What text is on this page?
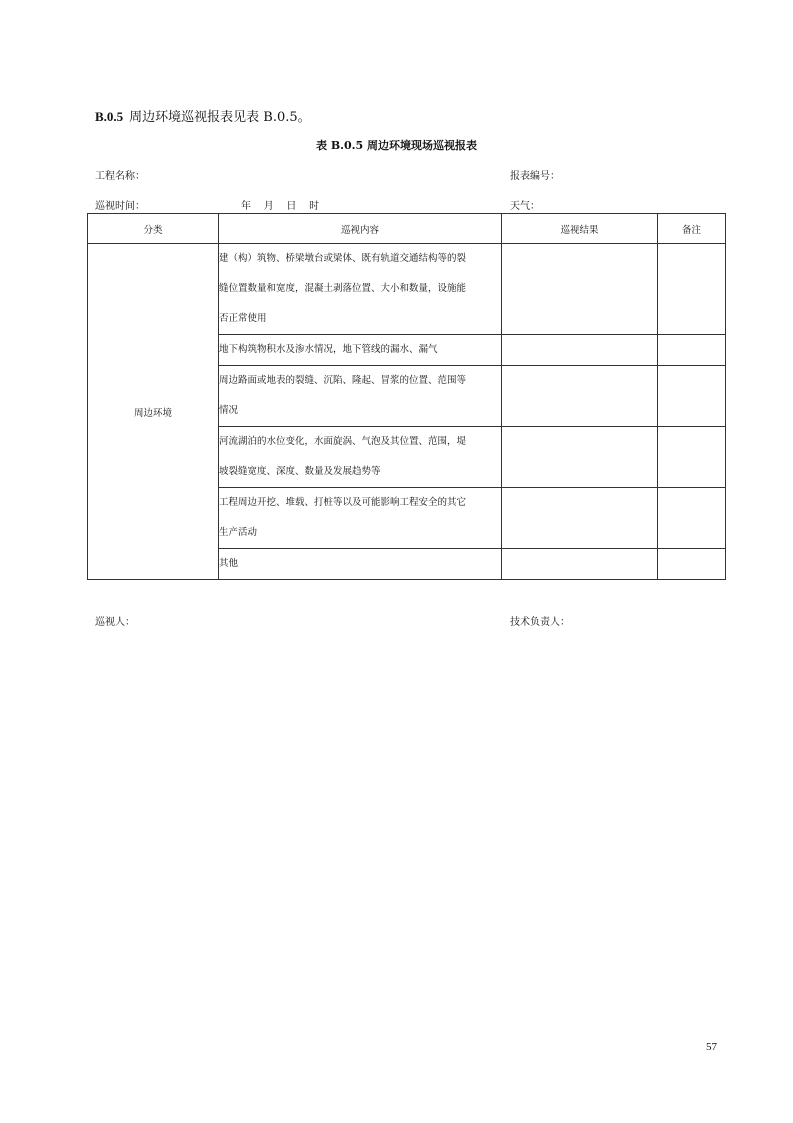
B.0.5 周边环境巡视报表见表 B.0.5。
表 B.0.5 周边环境现场巡视报表
工程名称：	报表编号：
巡视时间：	年    月    日    时	天气：
分类	巡视内容	巡视结果	备注
周边环境	建（构）筑物、桥梁墩台或梁体、既有轨道交通结构等的裂
缝位置数量和宽度，混凝土剥落位置、大小和数量，设施能
否正常使用		

	地下构筑物积水及渗水情况，地下管线的漏水、漏气		

	周边路面或地表的裂缝、沉陷、隆起、冒浆的位置、范围等
情况		

	河流湖泊的水位变化，水面旋涡、气泡及其位置、范围，堤
坡裂缝宽度、深度、数量及发展趋势等		

	工程周边开挖、堆载、打桩等以及可能影响工程安全的其它
生产活动		

	其他		

巡视人：	技术负责人：
57
